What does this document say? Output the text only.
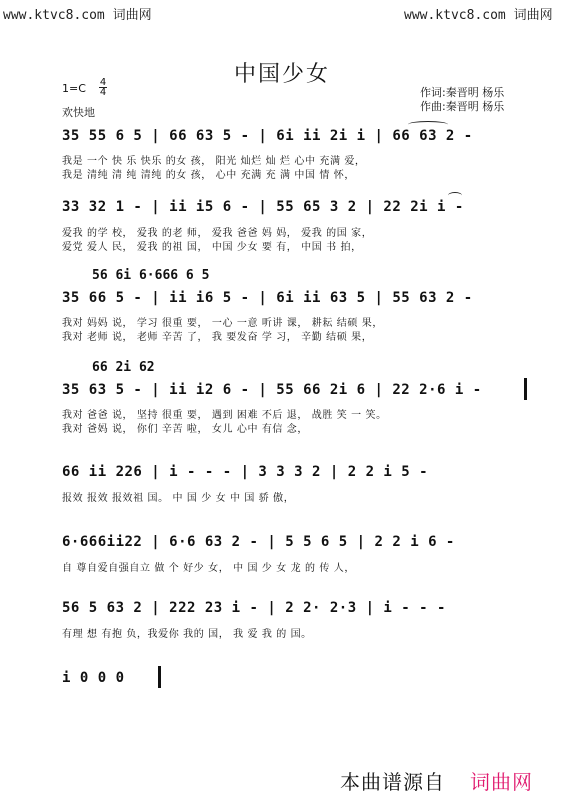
www.ktvc8.com 词曲网	www.ktvc8.com 词曲网
中国少女
1=C 4
4
欢快地
作词:秦晋明 杨乐
作曲:秦晋明 杨乐
35 55 6 5 | 66 63 5 - | 6i ii 2i i | 66 63 2 -
我是 一个 快 乐 快乐 的女 孩， 阳光 灿烂 灿 烂 心中 充满 爱，
我是 清纯 清 纯 清纯 的女 孩， 心中 充满 充 满 中国 情 怀，
33 32 1 - | ii i5 6 - | 55 65 3 2 | 22 2i i -
爱我 的学 校， 爱我 的老 师， 爱我 爸爸 妈 妈， 爱我 的国 家，
爱党 爱人 民， 爱我 的祖 国， 中国 少女 要 有， 中国 书 拍，
56 6i 6·666 6 5
35 66 5 - | ii i6 5 - | 6i ii 63 5 | 55 63 2 -
我对 妈妈 说， 学习 很重 要， 一心 一意 听讲 课， 耕耘 结硕 果，
我对 老师 说， 老师 辛苦 了， 我 要发奋 学 习， 辛勤 结硕 果，
66 2i 62
35 63 5 - | ii i2 6 - | 55 66 2i 6 | 22 2·6 i -
我对 爸爸 说， 坚持 很重 要， 遇到 困难 不后 退， 战胜 笑 一 笑。
我对 爸妈 说， 你们 辛苦 啦， 女儿 心中 有信 念，
66 ii 226 | i - - - | 3 3 3 2 | 2 2 i 5 -
报效 报效 报效祖 国。 中 国 少 女 中 国 骄 傲，
6·666ii22 | 6·6 63 2 - | 5 5 6 5 | 2 2 i 6 -
自 尊自爱自强自立 做 个 好少 女， 中 国 少 女 龙 的 传 人，
56 5 63 2 | 222 23 i - | 2 2· 2·3 | i - - -
有理 想 有抱 负，我爱你 我的 国， 我 爱 我 的 国。
i 0 0 0
本曲谱源自 词曲网
